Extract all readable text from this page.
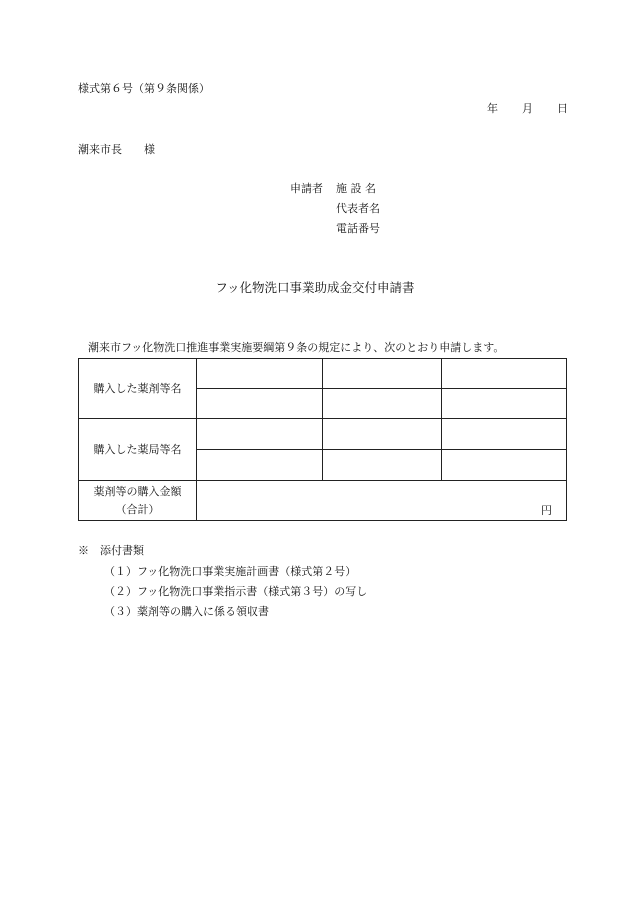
様式第６号（第９条関係）
年 月 日
潮来市長　　様
申請者 施 設 名
代表者名
電話番号
フッ化物洗口事業助成金交付申請書
潮来市フッ化物洗口推進事業実施要綱第９条の規定により、次のとおり申請します。
購入した薬剤等名			

購入した薬局等名			

薬剤等の購入金額
（合計）	円		
※　添付書類
（１）フッ化物洗口事業実施計画書（様式第２号）
（２）フッ化物洗口事業指示書（様式第３号）の写し
（３）薬剤等の購入に係る領収書
